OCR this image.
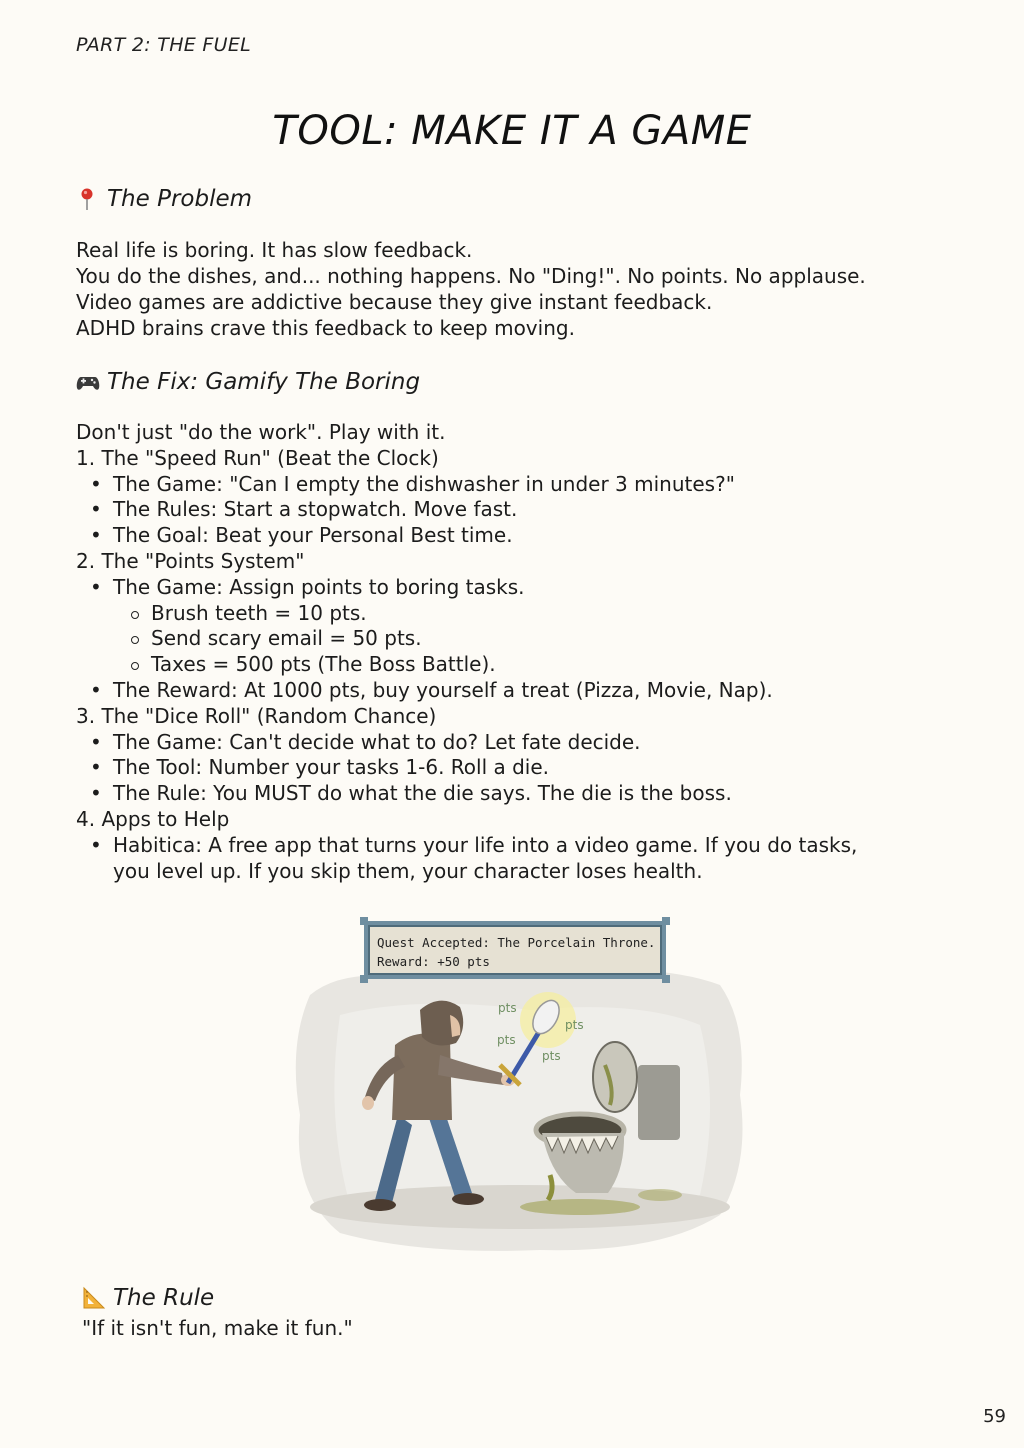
PART 2: THE FUEL
TOOL: MAKE IT A GAME
The Problem
Real life is boring. It has slow feedback.
You do the dishes, and... nothing happens. No "Ding!". No points. No applause.
Video games are addictive because they give instant feedback.
ADHD brains crave this feedback to keep moving.
The Fix: Gamify The Boring
Don't just "do the work". Play with it.
1. The "Speed Run" (Beat the Clock)
• The Game: "Can I empty the dishwasher in under 3 minutes?"
• The Rules: Start a stopwatch. Move fast.
• The Goal: Beat your Personal Best time.
2. The "Points System"
• The Game: Assign points to boring tasks.
Brush teeth = 10 pts.
Send scary email = 50 pts.
Taxes = 500 pts (The Boss Battle).
• The Reward: At 1000 pts, buy yourself a treat (Pizza, Movie, Nap).
3. The "Dice Roll" (Random Chance)
• The Game: Can't decide what to do? Let fate decide.
• The Tool: Number your tasks 1-6. Roll a die.
• The Rule: You MUST do what the die says. The die is the boss.
4. Apps to Help
• Habitica: A free app that turns your life into a video game. If you do tasks,
you level up. If you skip them, your character loses health.
Quest Accepted: The Porcelain Throne.
Reward: +50 pts
pts
pts
pts
pts
The Rule
"If it isn't fun, make it fun."
59
